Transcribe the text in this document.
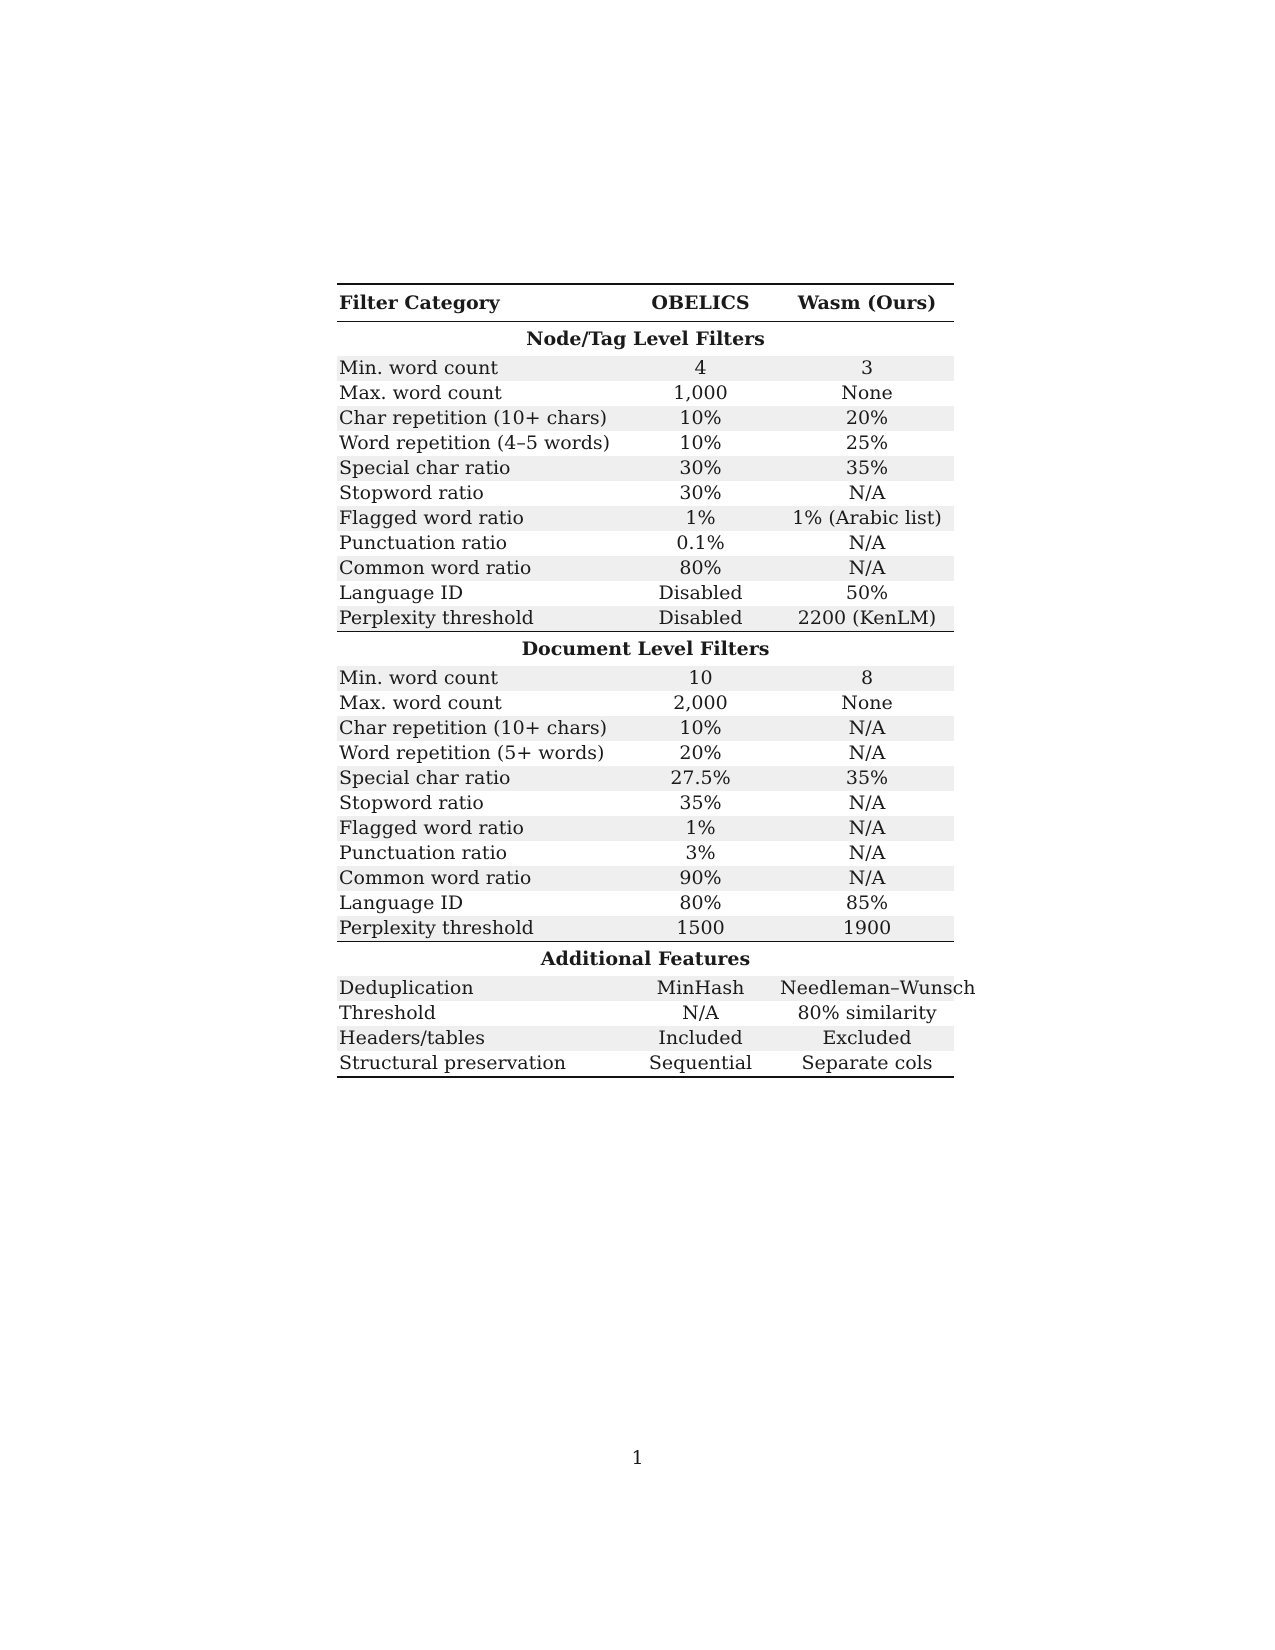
Filter Category	OBELICS	Wasm (Ours)
Node/Tag Level Filters		
Min. word count	4	3
Max. word count	1,000	None
Char repetition (10+ chars)	10%	20%
Word repetition (4–5 words)	10%	25%
Special char ratio	30%	35%
Stopword ratio	30%	N/A
Flagged word ratio	1%	1% (Arabic list)
Punctuation ratio	0.1%	N/A
Common word ratio	80%	N/A
Language ID	Disabled	50%
Perplexity threshold	Disabled	2200 (KenLM)
Document Level Filters		
Min. word count	10	8
Max. word count	2,000	None
Char repetition (10+ chars)	10%	N/A
Word repetition (5+ words)	20%	N/A
Special char ratio	27.5%	35%
Stopword ratio	35%	N/A
Flagged word ratio	1%	N/A
Punctuation ratio	3%	N/A
Common word ratio	90%	N/A
Language ID	80%	85%
Perplexity threshold	1500	1900
Additional Features		
Deduplication	MinHash	Needleman–Wunsch
Threshold	N/A	80% similarity
Headers/tables	Included	Excluded
Structural preservation	Sequential	Separate cols
1
